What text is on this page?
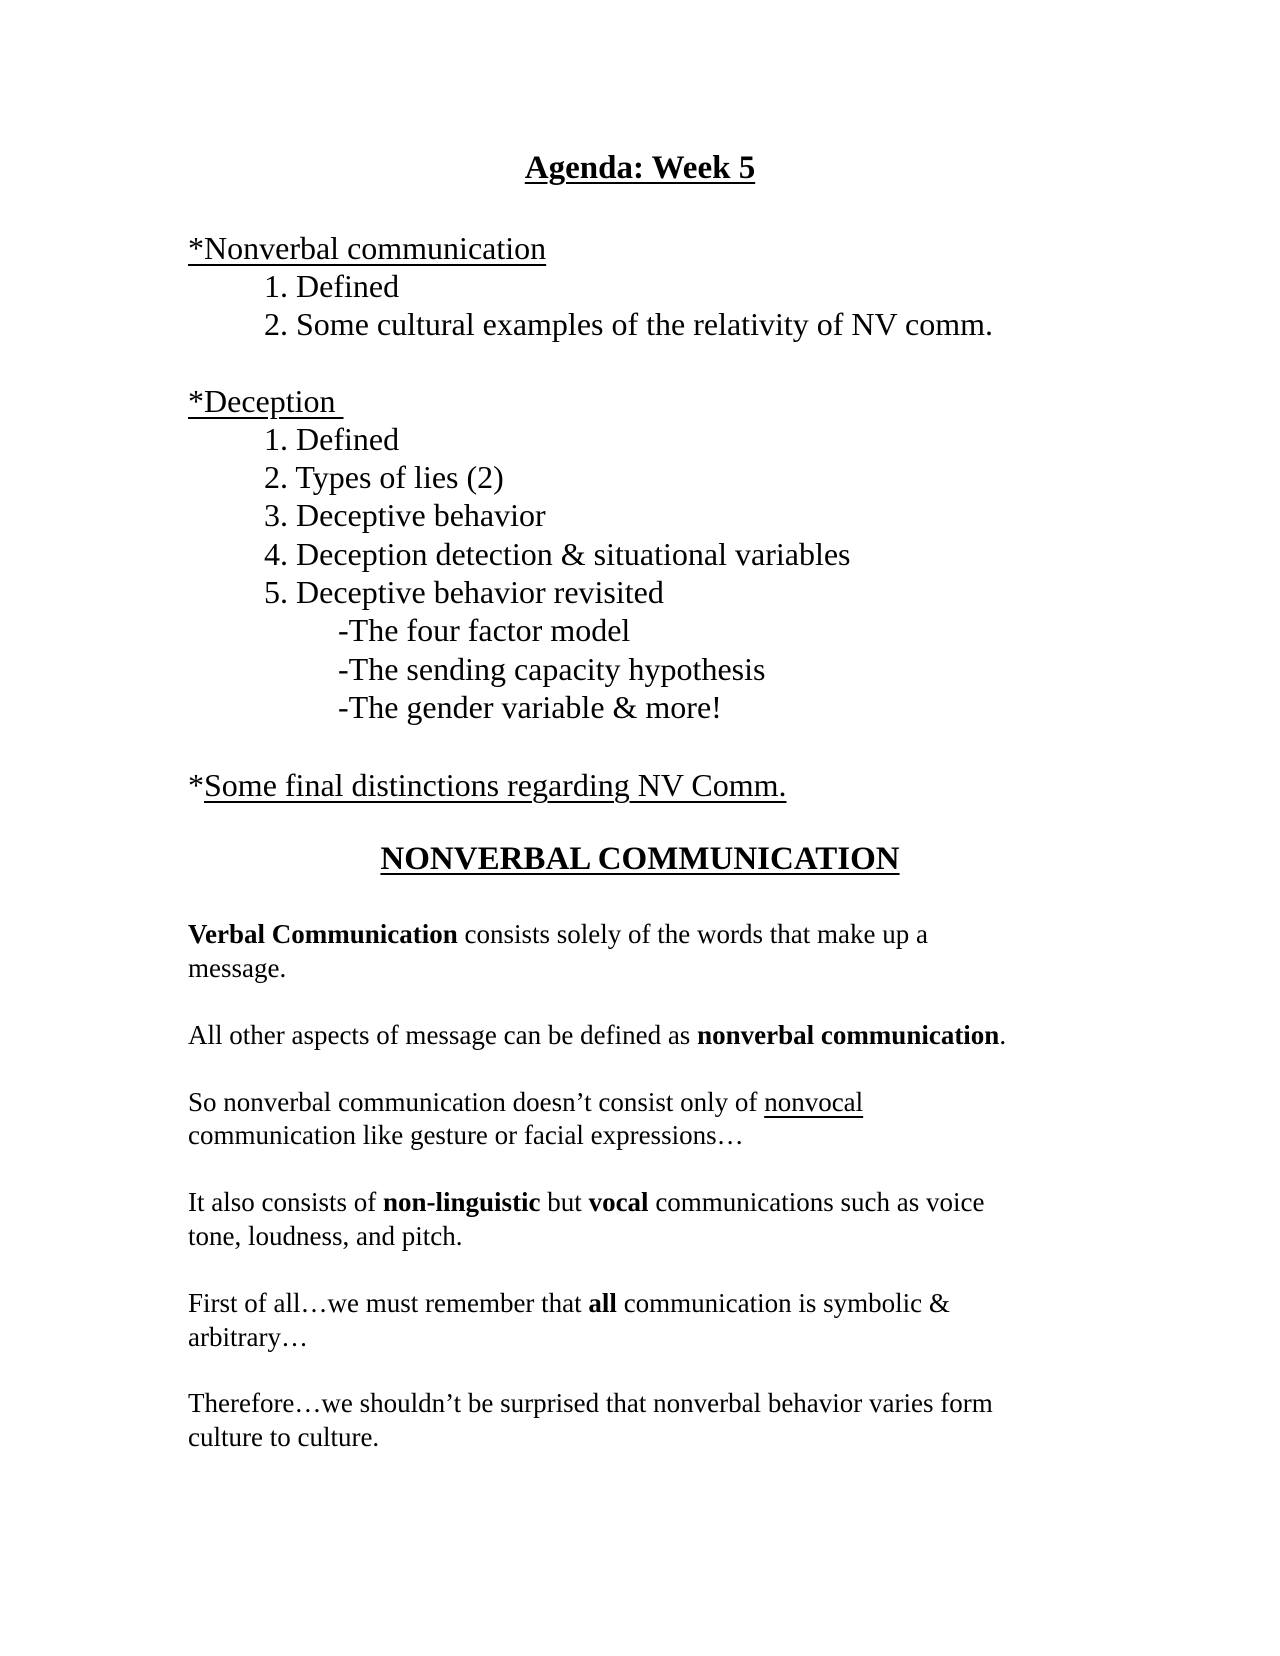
Agenda: Week 5
*Nonverbal communication
1. Defined
2. Some cultural examples of the relativity of NV comm.
*Deception
1. Defined
2. Types of lies (2)
3. Deceptive behavior
4. Deception detection & situational variables
5. Deceptive behavior revisited
-The four factor model
-The sending capacity hypothesis
-The gender variable & more!
*Some final distinctions regarding NV Comm.
NONVERBAL COMMUNICATION
Verbal Communication consists solely of the words that make up a
message.
All other aspects of message can be defined as nonverbal communication.
So nonverbal communication doesn’t consist only of nonvocal
communication like gesture or facial expressions…
It also consists of non-linguistic but vocal communications such as voice
tone, loudness, and pitch.
First of all…we must remember that all communication is symbolic &
arbitrary…
Therefore…we shouldn’t be surprised that nonverbal behavior varies form
culture to culture.
